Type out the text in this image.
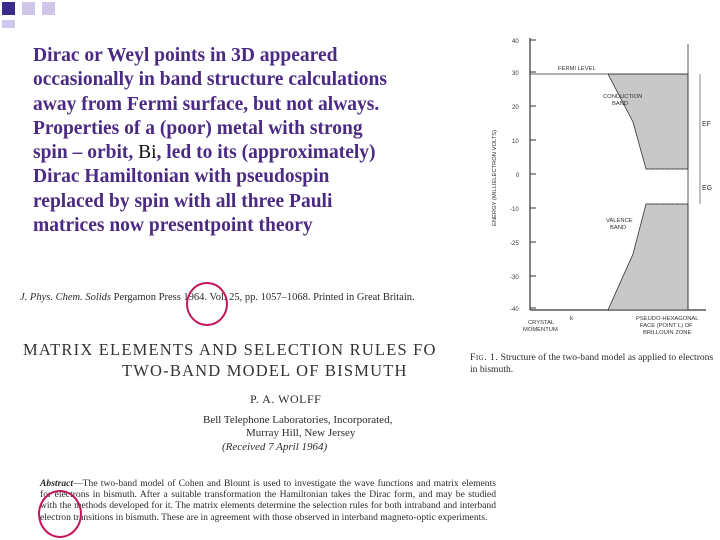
Dirac or Weyl points in 3D appeared
occasionally in band structure calculations
away from Fermi surface, but not always.
Properties of a (poor) metal with strong
spin – orbit, Bi, led to its (approximately)
Dirac Hamiltonian with pseudospin
replaced by spin with all three Pauli
matrices now presentpoint theory
40
30
20
10
0
-10
-25
-30
-40
ENERGY (MILLIELECTRON VOLTS)
EF
EG
FERMI LEVEL
CONDUCTION
BAND
VALENCE
BAND
CRYSTAL
MOMENTUM
k	PSEUDO-HEXAGONAL
FACE (POINT L) OF
BRILLOUIN ZONE
Fig. 1. Structure of the two-band model as applied to electrons in bismuth.
J. Phys. Chem. Solids Pergamon Press 1964. Vol. 25, pp. 1057–1068. Printed in Great Britain.
MATRIX ELEMENTS AND SELECTION RULES FO
TWO-BAND MODEL OF BISMUTH
P. A. WOLFF
Bell Telephone Laboratories, Incorporated,
Murray Hill, New Jersey
(Received 7 April 1964)
Abstract—The two-band model of Cohen and Blount is used to investigate the wave functions and matrix elements for electrons in bismuth. After a suitable transformation the Hamiltonian takes the Dirac form, and may be studied with the methods developed for it. The matrix elements determine the selection rules for both intraband and interband electron transitions in bismuth. These are in agreement with those observed in interband magneto-optic experiments.
